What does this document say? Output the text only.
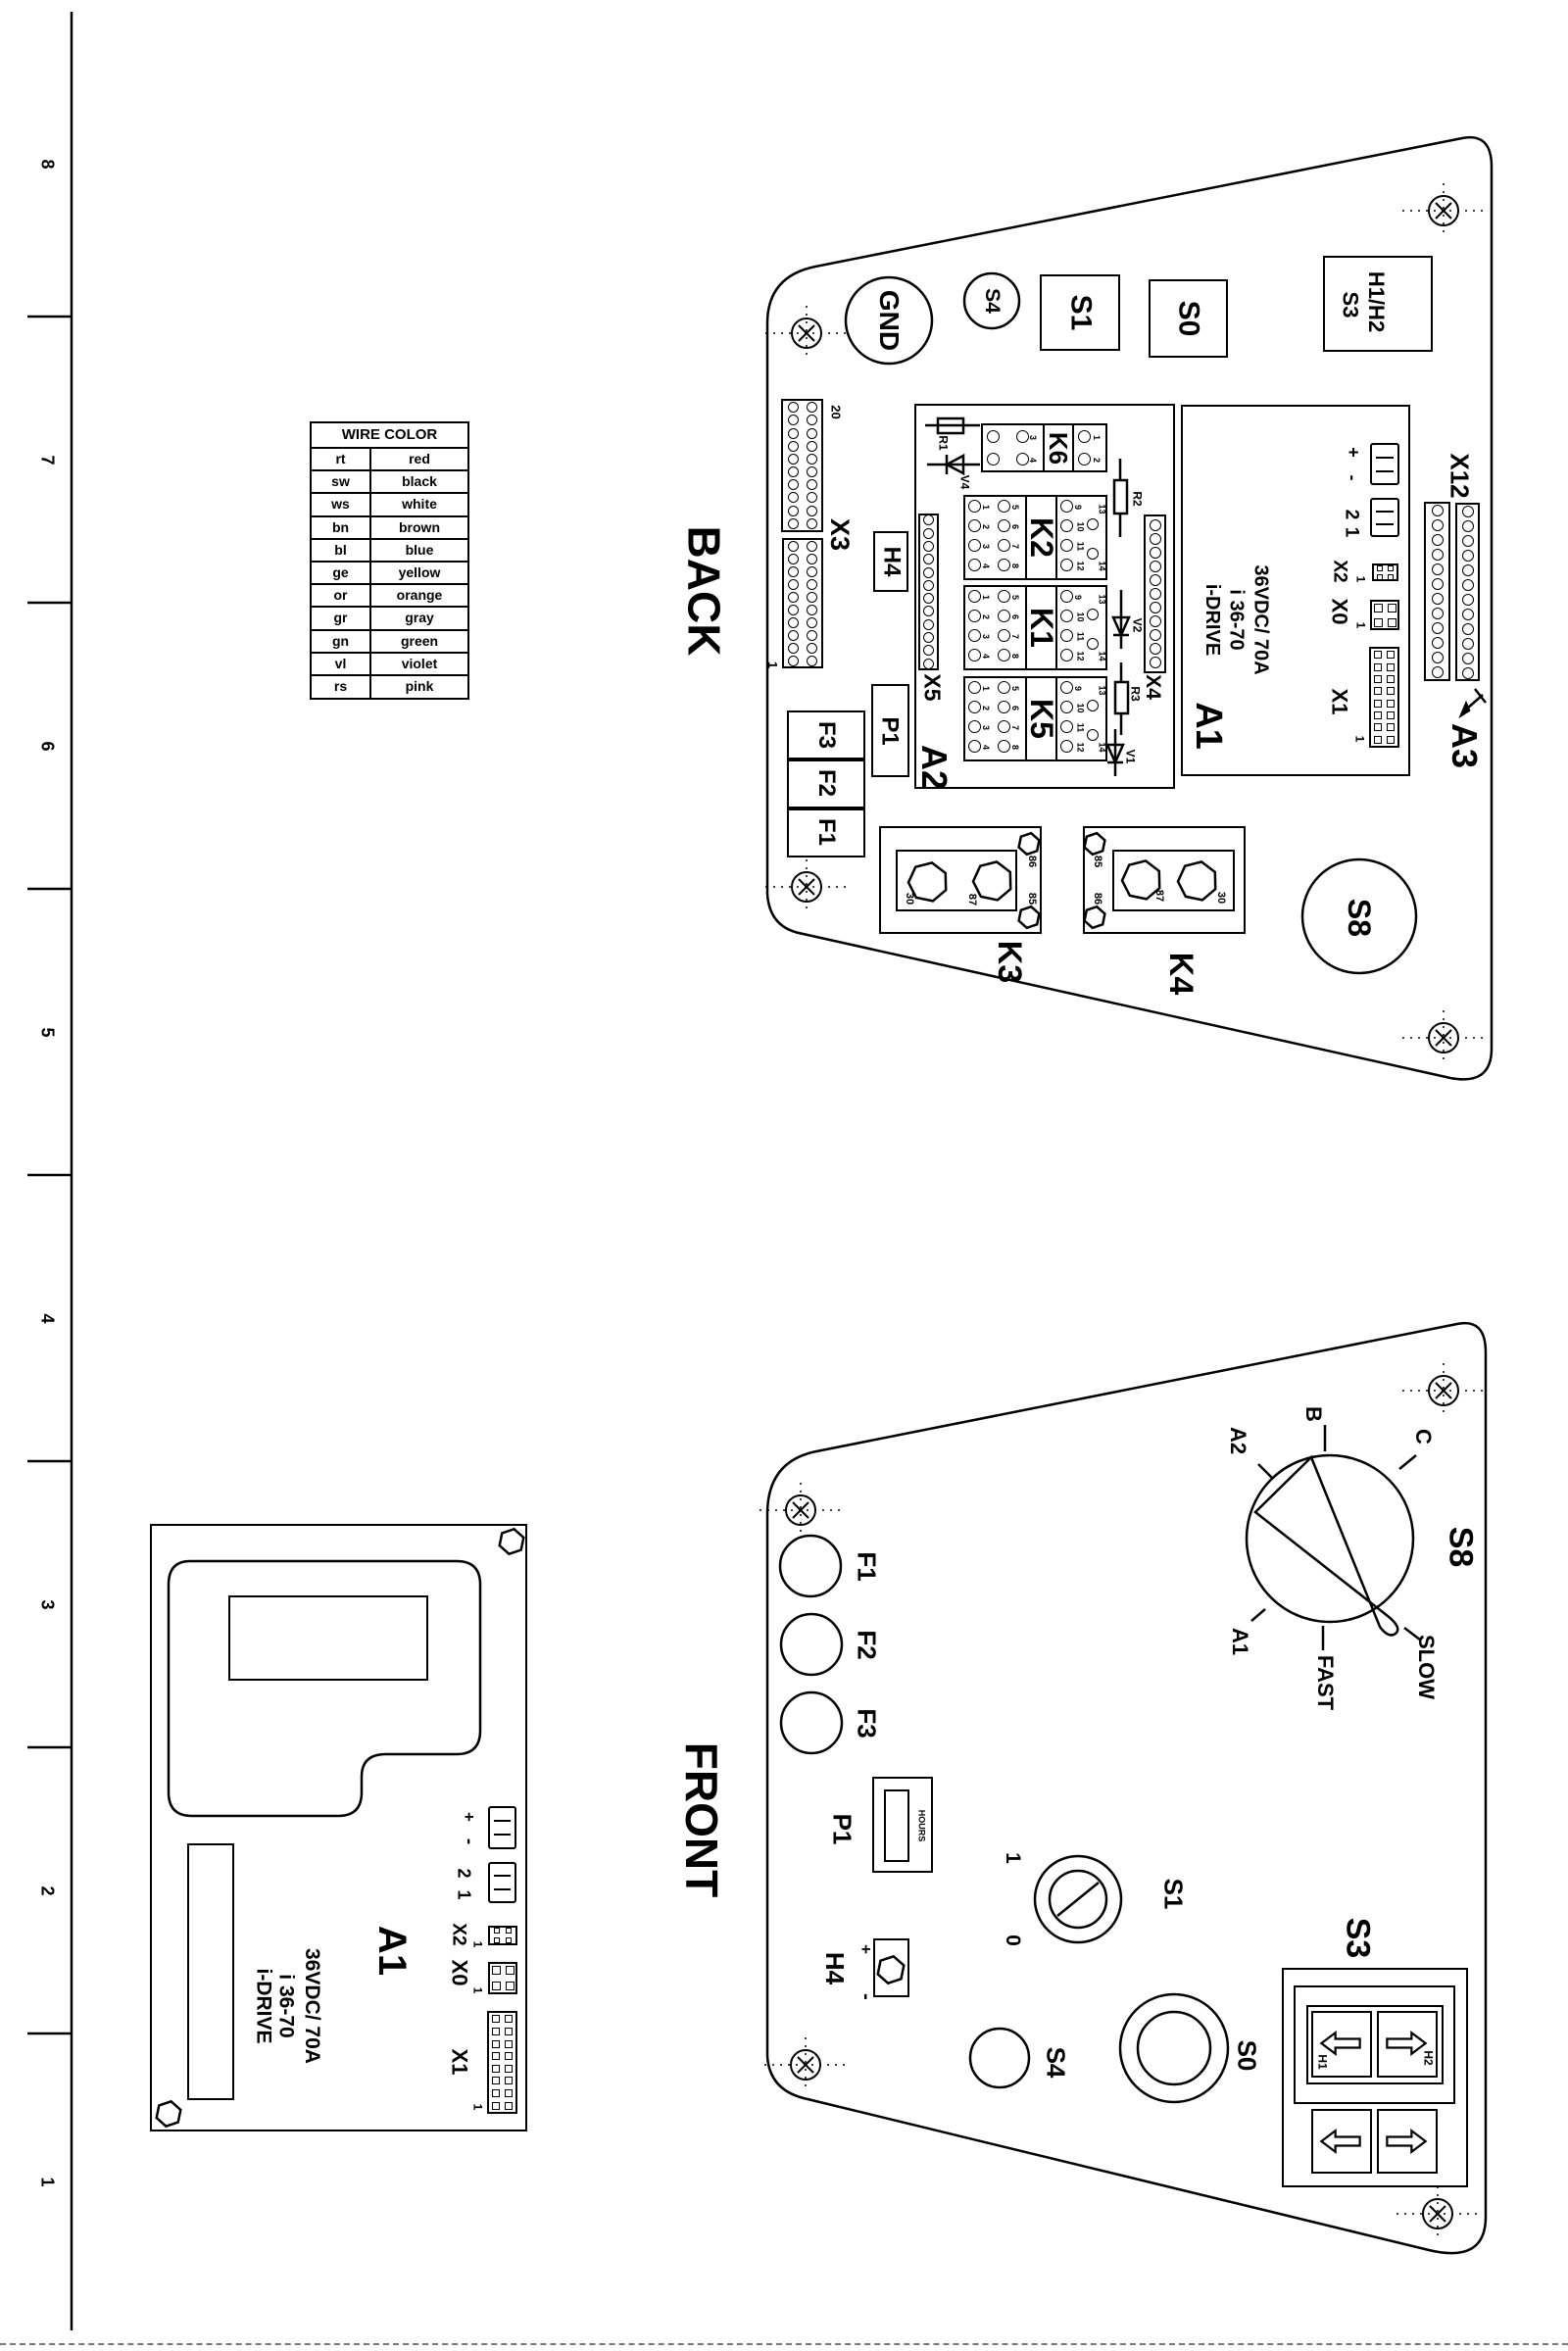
WIRE COLOR
rt	red
sw	black
ws	white
bn	brown
bl	blue
ge	yellow
or	orange
gr	gray
gn	green
vl	violet
rs	pink
BACK
FRONT
GND	S4 S1	S0	S3 H1/H2
20
1
X3
H4
A2
X5	X4
R1
V4
R2
V2
R3
V1
3
4 K6 1
2
1
2
3
4
5
6
7
8
K2
9
10
11
12
13
14
1
2
3
4
5
6
7
8
K1
9
10
11
12
13
14
1
2
3
4
5
6
7
8
K5
9
10
11
12
13
14 A1
i-DRIVE i 36-70 36VDC/ 70A
X1
1
X0
1
X2 1
+
-
2
1
X12
A3
F3
F2
F1
P1
30	87
86
85
K3
87	30
85
86
K4
S8
F1
F2
F3
HOURS
P1
+
-
H4
1
0
S1
S4	S0	H1	H2
S3
A2
B
C
A1
FAST	SLOW
S8
A1
i-DRIVE i 36-70 36VDC/ 70A	X1
1
X0
1
X2 1
+
-
2
1
8
7
6
5
4
3
2
1
